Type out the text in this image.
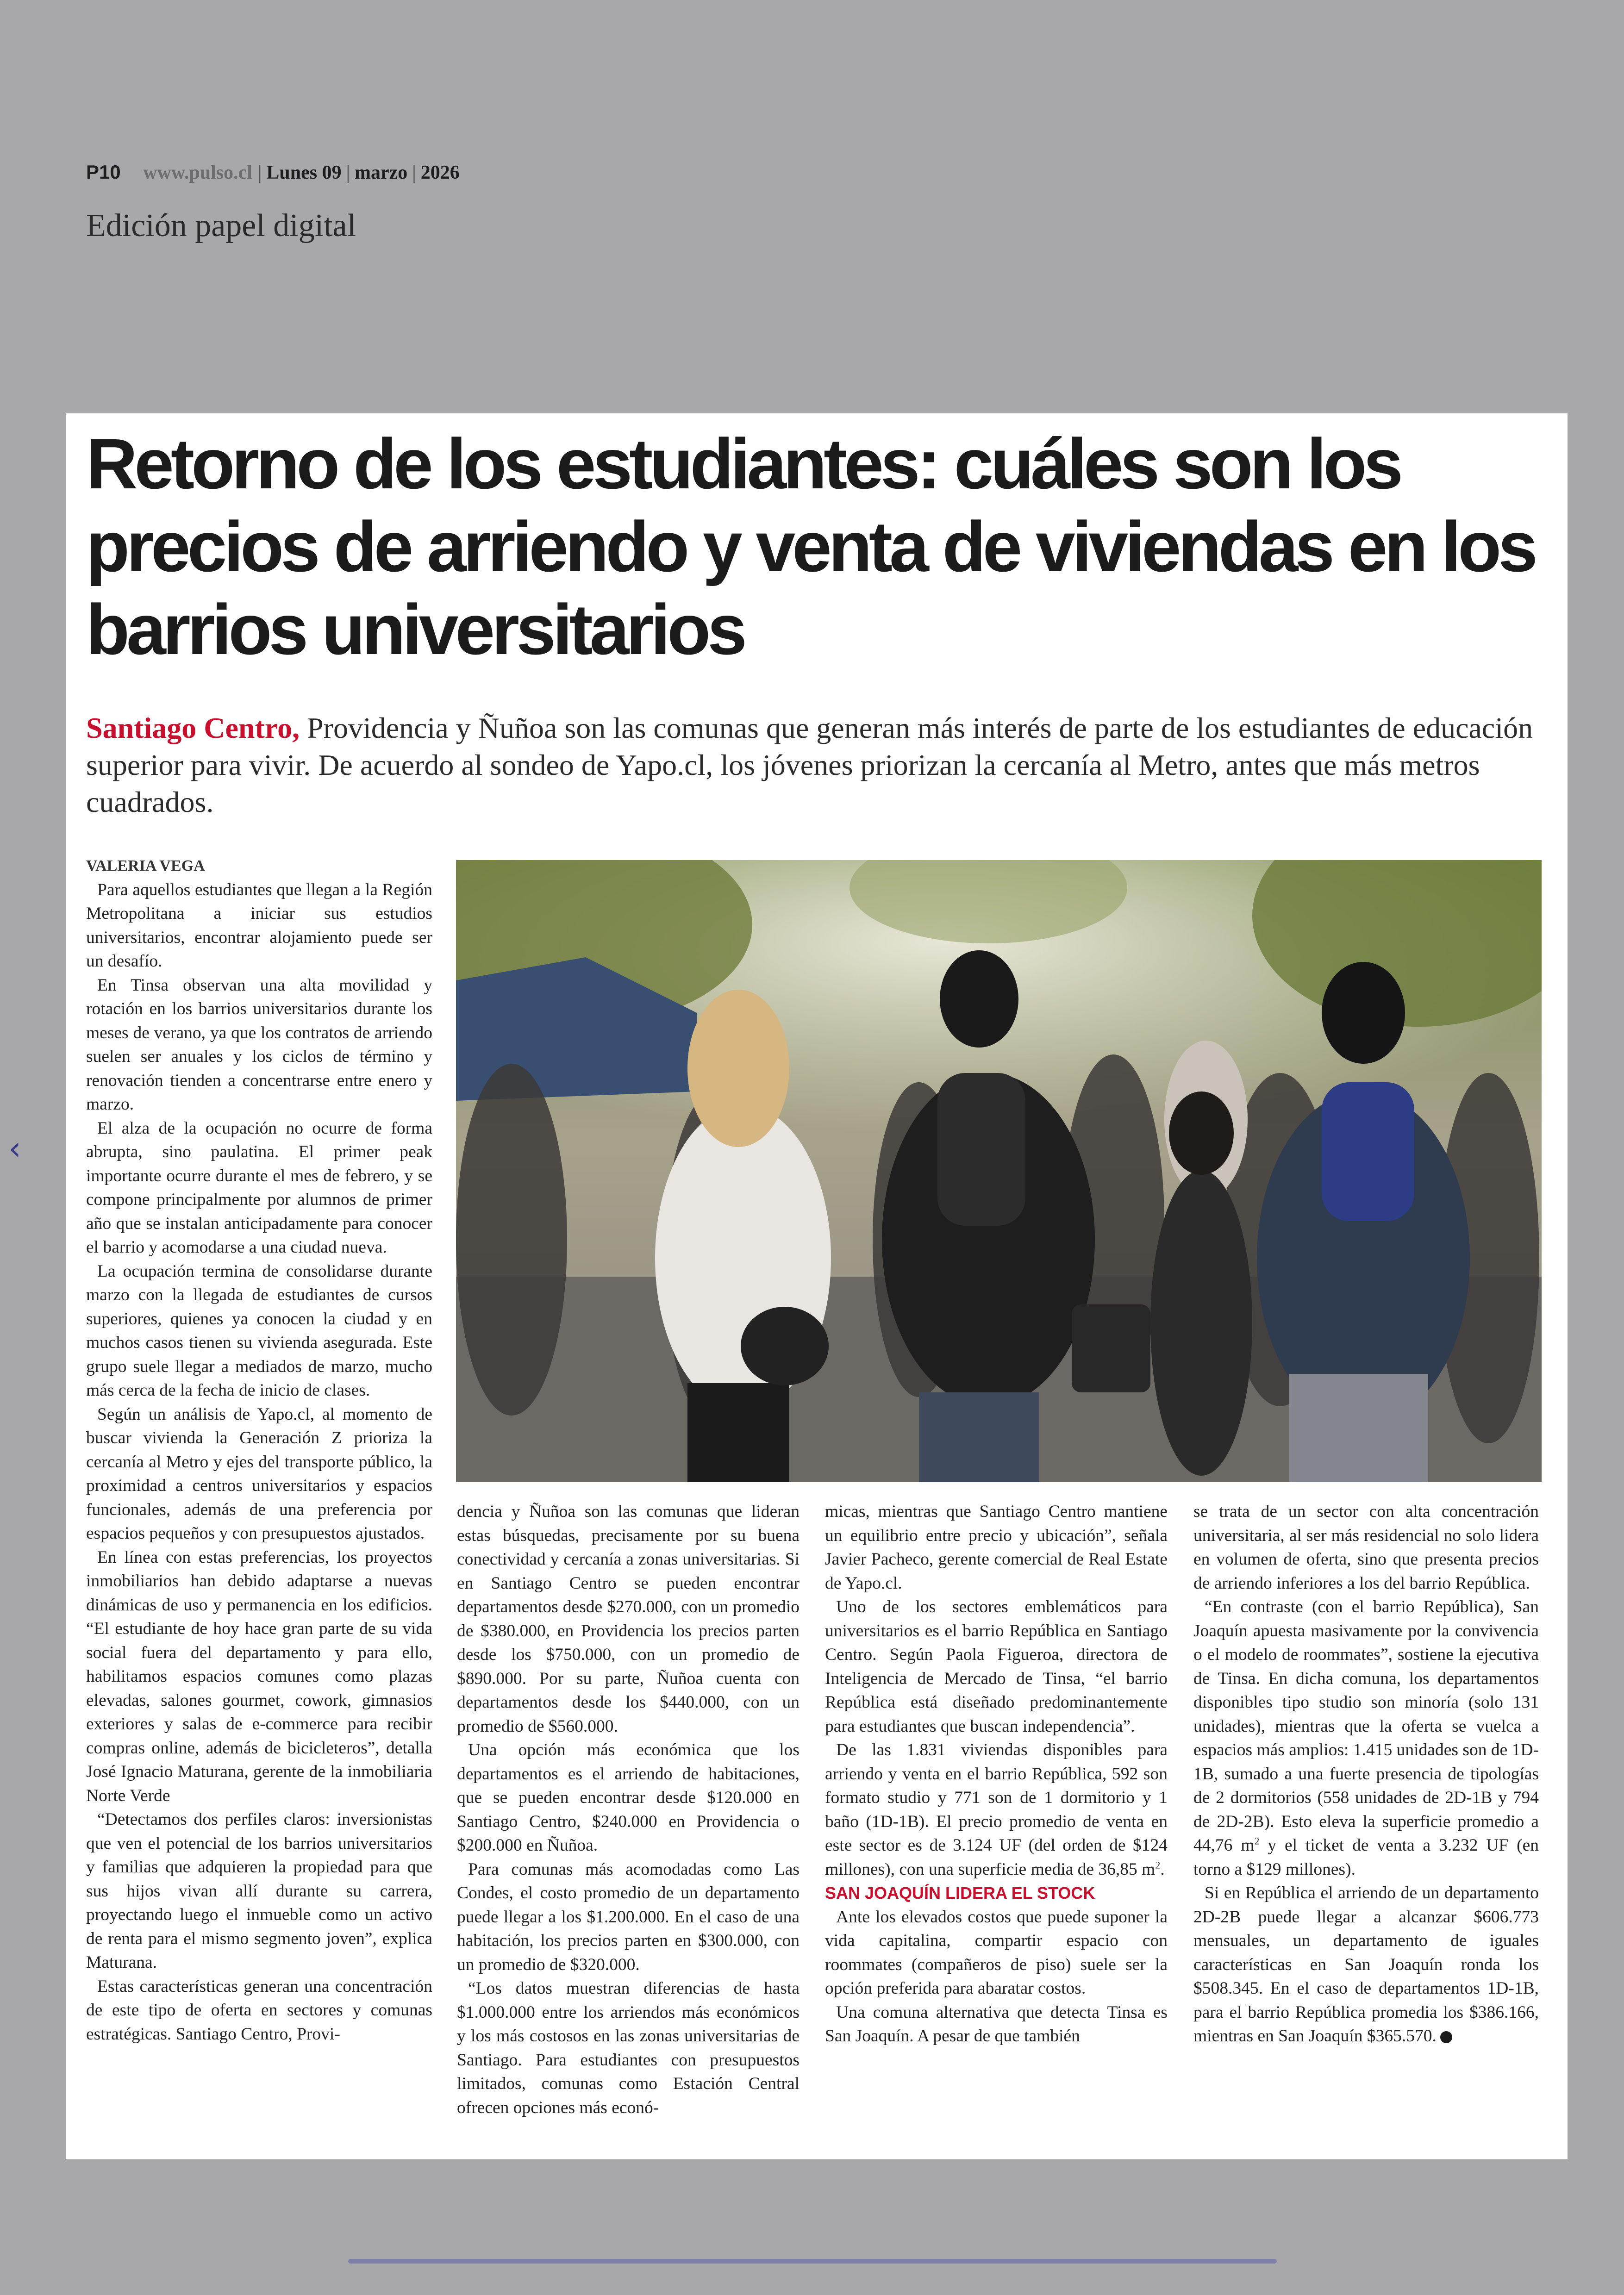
P10 www.pulso.cl | Lunes 09 | marzo | 2026
Edición papel digital
‹
Retorno de los estudiantes: cuáles son los precios de arriendo y venta de viviendas en los barrios universitarios

Santiago Centro, Providencia y Ñuñoa son las comunas que generan más interés de parte de los estudiantes de educación superior para vivir. De acuerdo al sondeo de Yapo.cl, los jóvenes priorizan la cercanía al Metro, antes que más metros cuadrados.

VALERIA VEGA

Para aquellos estudiantes que llegan a la Región Metropolitana a iniciar sus estudios universitarios, encontrar alojamiento puede ser un desafío.

En Tinsa observan una alta movilidad y rotación en los barrios universitarios durante los meses de verano, ya que los contratos de arriendo suelen ser anuales y los ciclos de término y renovación tienden a concentrarse entre enero y marzo.

El alza de la ocupación no ocurre de forma abrupta, sino paulatina. El primer peak importante ocurre durante el mes de febrero, y se compone principalmente por alumnos de primer año que se instalan anticipadamente para conocer el barrio y acomodarse a una ciudad nueva.

La ocupación termina de consolidarse durante marzo con la llegada de estudiantes de cursos superiores, quienes ya conocen la ciudad y en muchos casos tienen su vivienda asegurada. Este grupo suele llegar a mediados de marzo, mucho más cerca de la fecha de inicio de clases.

Según un análisis de Yapo.cl, al momento de buscar vivienda la Generación Z prioriza la cercanía al Metro y ejes del transporte público, la proximidad a centros universitarios y espacios funcionales, además de una preferencia por espacios pequeños y con presupuestos ajustados.

En línea con estas preferencias, los proyectos inmobiliarios han debido adaptarse a nuevas dinámicas de uso y permanencia en los edificios. “El estudiante de hoy hace gran parte de su vida social fuera del departamento y para ello, habilitamos espacios comunes como plazas elevadas, salones gourmet, cowork, gimnasios exteriores y salas de e-commerce para recibir compras online, además de bicicleteros”, detalla José Ignacio Maturana, gerente de la inmobiliaria Norte Verde

“Detectamos dos perfiles claros: inversionistas que ven el potencial de los barrios universitarios y familias que adquieren la propiedad para que sus hijos vivan allí durante su carrera, proyectando luego el inmueble como un activo de renta para el mismo segmento joven”, explica Maturana.

Estas características generan una concentración de este tipo de oferta en sectores y comunas estratégicas. Santiago Centro, Provi-

dencia y Ñuñoa son las comunas que lideran estas búsquedas, precisamente por su buena conectividad y cercanía a zonas universitarias. Si en Santiago Centro se pueden encontrar departamentos desde $270.000, con un promedio de $380.000, en Providencia los precios parten desde los $750.000, con un promedio de $890.000. Por su parte, Ñuñoa cuenta con departamentos desde los $440.000, con un promedio de $560.000.

Una opción más económica que los departamentos es el arriendo de habitaciones, que se pueden encontrar desde $120.000 en Santiago Centro, $240.000 en Providencia o $200.000 en Ñuñoa.

Para comunas más acomodadas como Las Condes, el costo promedio de un departamento puede llegar a los $1.200.000. En el caso de una habitación, los precios parten en $300.000, con un promedio de $320.000.

“Los datos muestran diferencias de hasta $1.000.000 entre los arriendos más económicos y los más costosos en las zonas universitarias de Santiago. Para estudiantes con presupuestos limitados, comunas como Estación Central ofrecen opciones más econó-

micas, mientras que Santiago Centro mantiene un equilibrio entre precio y ubicación”, señala Javier Pacheco, gerente comercial de Real Estate de Yapo.cl.

Uno de los sectores emblemáticos para universitarios es el barrio República en Santiago Centro. Según Paola Figueroa, directora de Inteligencia de Mercado de Tinsa, “el barrio República está diseñado predominantemente para estudiantes que buscan independencia”.

De las 1.831 viviendas disponibles para arriendo y venta en el barrio República, 592 son formato studio y 771 son de 1 dormitorio y 1 baño (1D-1B). El precio promedio de venta en este sector es de 3.124 UF (del orden de $124 millones), con una superficie media de 36,85 $m^2$.

SAN JOAQUÍN LIDERA EL STOCK

Ante los elevados costos que puede suponer la vida capitalina, compartir espacio con roommates (compañeros de piso) suele ser la opción preferida para abaratar costos.

Una comuna alternativa que detecta Tinsa es San Joaquín. A pesar de que también

se trata de un sector con alta concentración universitaria, al ser más residencial no solo lidera en volumen de oferta, sino que presenta precios de arriendo inferiores a los del barrio República.

“En contraste (con el barrio República), San Joaquín apuesta masivamente por la convivencia o el modelo de roommates”, sostiene la ejecutiva de Tinsa. En dicha comuna, los departamentos disponibles tipo studio son minoría (solo 131 unidades), mientras que la oferta se vuelca a espacios más amplios: 1.415 unidades son de 1D-1B, sumado a una fuerte presencia de tipologías de 2 dormitorios (558 unidades de 2D-1B y 794 de 2D-2B). Esto eleva la superficie promedio a 44,76 $m^2$ y el ticket de venta a 3.232 UF (en torno a $129 millones).

Si en República el arriendo de un departamento 2D-2B puede llegar a alcanzar $606.773 mensuales, un departamento de iguales características en San Joaquín ronda los $508.345. En el caso de departamentos 1D-1B, para el barrio República promedia los $386.166, mientras en San Joaquín $365.570.
